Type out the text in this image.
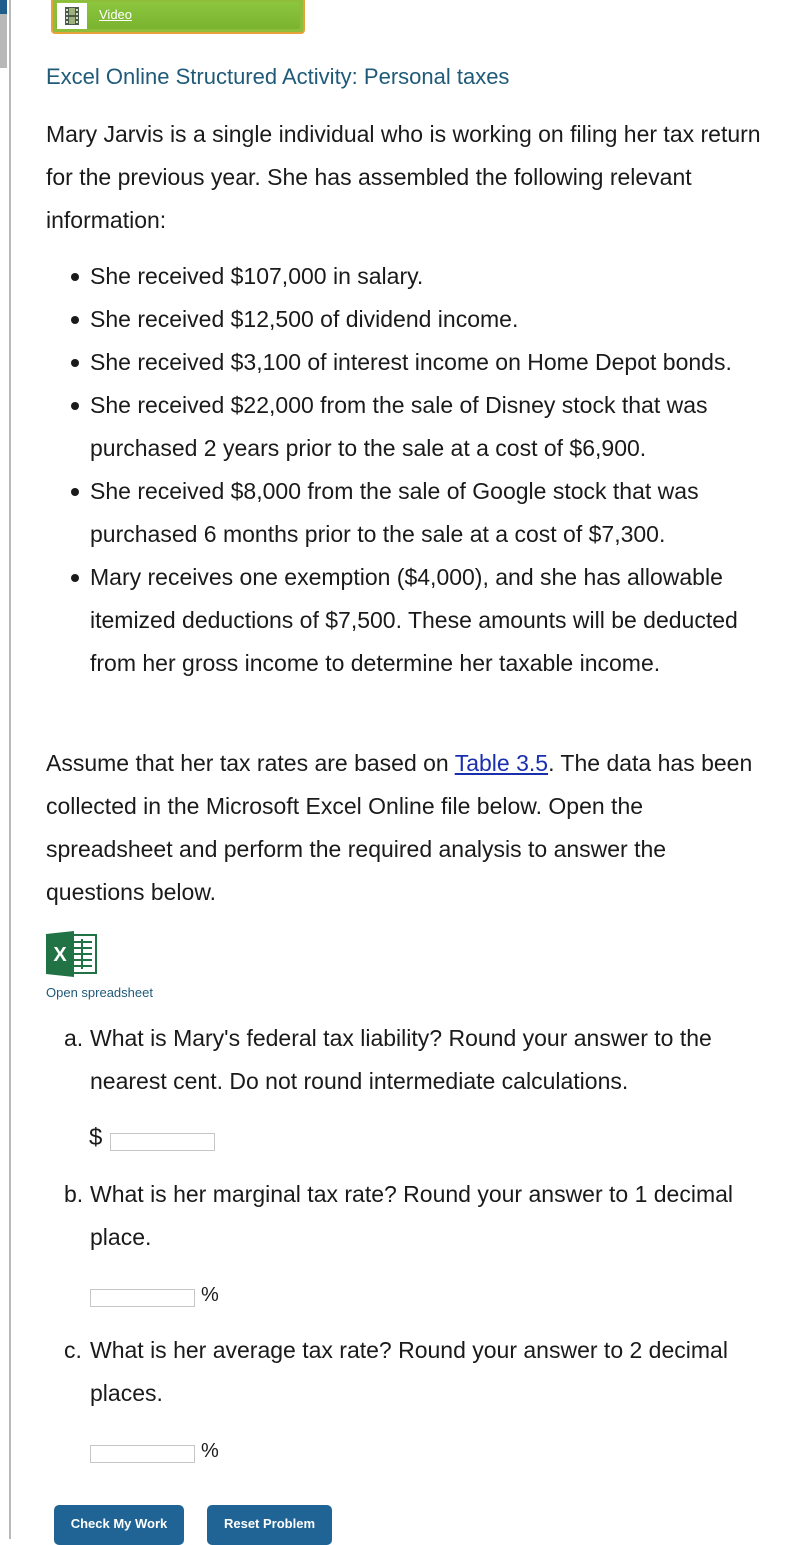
Video
Excel Online Structured Activity: Personal taxes
Mary Jarvis is a single individual who is working on filing her tax return for the previous year. She has assembled the following relevant information:
She received $107,000 in salary.
She received $12,500 of dividend income.
She received $3,100 of interest income on Home Depot bonds.
She received $22,000 from the sale of Disney stock that was purchased 2 years prior to the sale at a cost of $6,900.
She received $8,000 from the sale of Google stock that was purchased 6 months prior to the sale at a cost of $7,300.
Mary receives one exemption ($4,000), and she has allowable itemized deductions of $7,500. These amounts will be deducted from her gross income to determine her taxable income.
Assume that her tax rates are based on Table 3.5. The data has been collected in the Microsoft Excel Online file below. Open the spreadsheet and perform the required analysis to answer the questions below.
X
Open spreadsheet
a. What is Mary's federal tax liability? Round your answer to the nearest cent. Do not round intermediate calculations.
$
b. What is her marginal tax rate? Round your answer to 1 decimal place.
%
c. What is her average tax rate? Round your answer to 2 decimal places.
%
Check My Work	Reset Problem
